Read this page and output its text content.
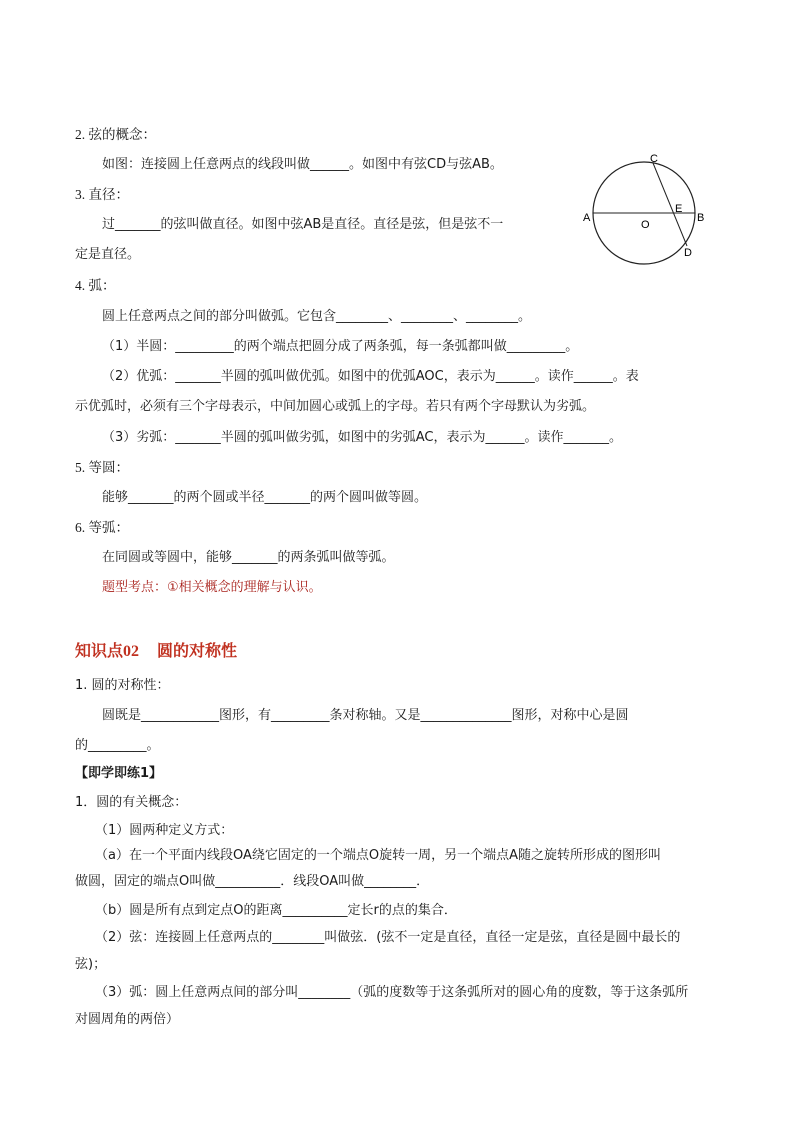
2. 弦的概念：
如图：连接圆上任意两点的线段叫做______。如图中有弦CD与弦AB。
3. 直径：
过_______的弦叫做直径。如图中弦AB是直径。直径是弦，但是弦不一
定是直径。
4. 弧：
圆上任意两点之间的部分叫做弧。它包含________、________、________。
（1）半圆：_________的两个端点把圆分成了两条弧，每一条弧都叫做_________。
（2）优弧：_______半圆的弧叫做优弧。如图中的优弧AOC，表示为______。读作______。表
示优弧时，必须有三个字母表示，中间加圆心或弧上的字母。若只有两个字母默认为劣弧。
（3）劣弧：_______半圆的弧叫做劣弧，如图中的劣弧AC，表示为______。读作_______。
5. 等圆：
能够_______的两个圆或半径_______的两个圆叫做等圆。
6. 等弧：
在同圆或等圆中，能够_______的两条弧叫做等弧。
题型考点：①相关概念的理解与认识。
知识点02 圆的对称性
1. 圆的对称性：
圆既是____________图形，有_________条对称轴。又是______________图形，对称中心是圆
的_________。
【即学即练1】
1．圆的有关概念：
（1）圆两种定义方式：
（a）在一个平面内线段OA绕它固定的一个端点O旋转一周，另一个端点A随之旋转所形成的图形叫
做圆，固定的端点O叫做__________．线段OA叫做________．
（b）圆是所有点到定点O的距离__________定长r的点的集合．
（2）弦：连接圆上任意两点的________叫做弦．(弦不一定是直径，直径一定是弦，直径是圆中最长的
弦)；
（3）弧：圆上任意两点间的部分叫________（弧的度数等于这条弧所对的圆心角的度数，等于这条弧所
对圆周角的两倍）
A	B
C
D
E
O
